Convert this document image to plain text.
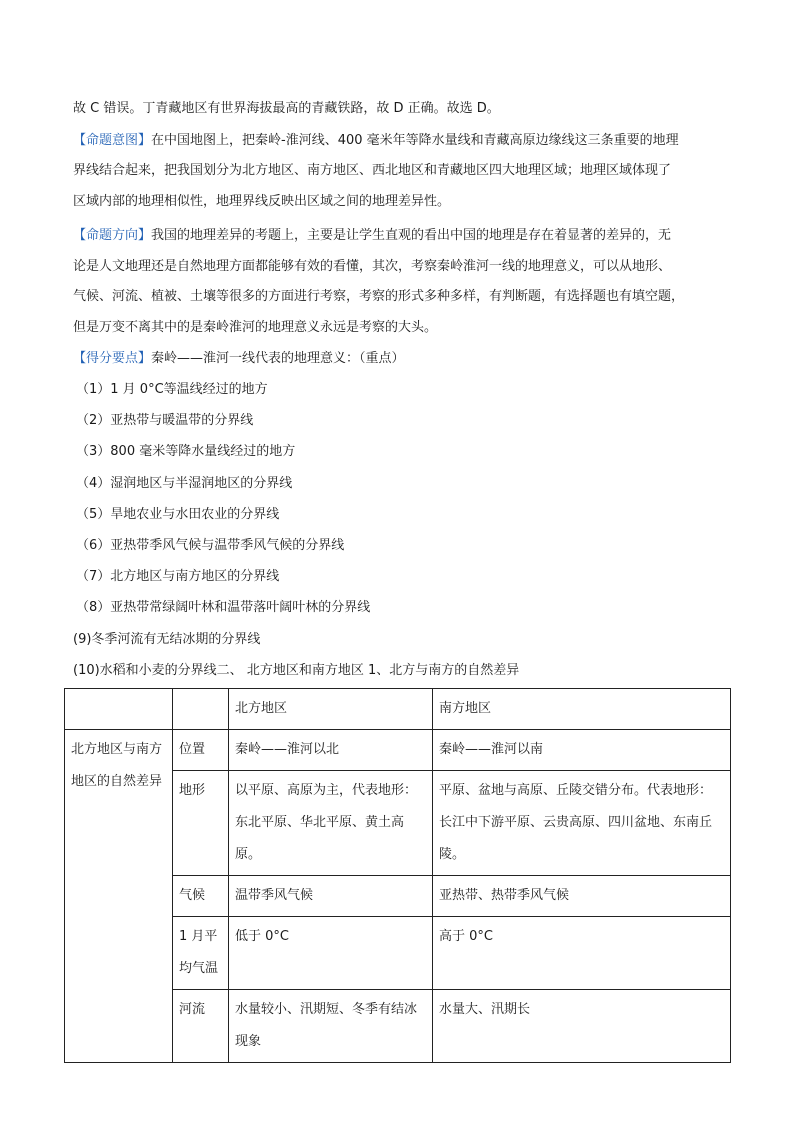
故 C 错误。丁青藏地区有世界海拔最高的青藏铁路，故 D 正确。故选 D。
【命题意图】在中国地图上，把秦岭-淮河线、400 毫米年等降水量线和青藏高原边缘线这三条重要的地理
界线结合起来，把我国划分为北方地区、南方地区、西北地区和青藏地区四大地理区域；地理区域体现了
区域内部的地理相似性，地理界线反映出区域之间的地理差异性。
【命题方向】我国的地理差异的考题上，主要是让学生直观的看出中国的地理是存在着显著的差异的，无
论是人文地理还是自然地理方面都能够有效的看懂，其次，考察秦岭淮河一线的地理意义，可以从地形、
气候、河流、植被、土壤等很多的方面进行考察，考察的形式多种多样，有判断题，有选择题也有填空题，
但是万变不离其中的是秦岭淮河的地理意义永远是考察的大头。
【得分要点】秦岭——淮河一线代表的地理意义：（重点）
（1）1 月 0°C等温线经过的地方
（2）亚热带与暖温带的分界线
（3）800 毫米等降水量线经过的地方
（4）湿润地区与半湿润地区的分界线
（5）旱地农业与水田农业的分界线
（6）亚热带季风气候与温带季风气候的分界线
（7）北方地区与南方地区的分界线
（8）亚热带常绿阔叶林和温带落叶阔叶林的分界线
(9)冬季河流有无结冰期的分界线
(10)水稻和小麦的分界线二、 北方地区和南方地区 1、北方与南方的自然差异
		北方地区	南方地区
北方地区与南方地区的自然差异	位置	秦岭——淮河以北	秦岭——淮河以南
	地形	以平原、高原为主，代表地形：东北平原、华北平原、黄土高原。	平原、盆地与高原、丘陵交错分布。代表地形：长江中下游平原、云贵高原、四川盆地、东南丘陵。
	气候	温带季风气候	亚热带、热带季风气候
	1 月平均气温	低于 0°C	高于 0°C
	河流	水量较小、汛期短、冬季有结冰现象	水量大、汛期长
